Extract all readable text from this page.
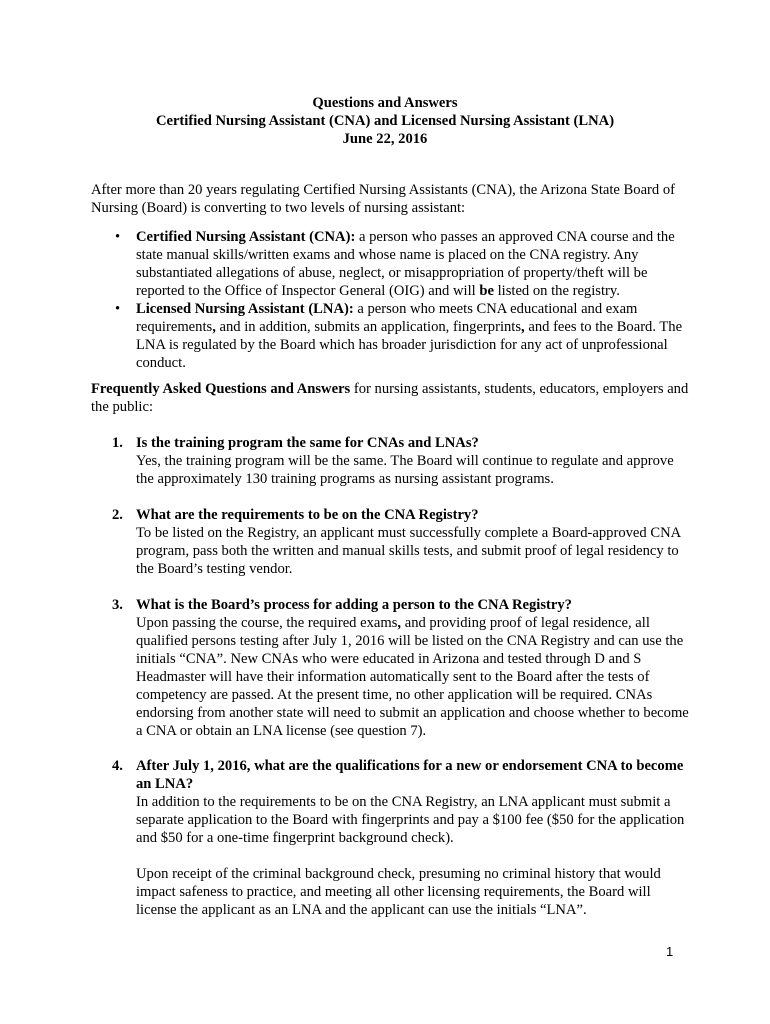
Questions and Answers
Certified Nursing Assistant (CNA) and Licensed Nursing Assistant (LNA)
June 22, 2016
After more than 20 years regulating Certified Nursing Assistants (CNA), the Arizona State Board of Nursing (Board) is converting to two levels of nursing assistant:
• Certified Nursing Assistant (CNA): a person who passes an approved CNA course and the state manual skills/written exams and whose name is placed on the CNA registry. Any substantiated allegations of abuse, neglect, or misappropriation of property/theft will be reported to the Office of Inspector General (OIG) and will be listed on the registry.
• Licensed Nursing Assistant (LNA): a person who meets CNA educational and exam requirements, and in addition, submits an application, fingerprints, and fees to the Board. The LNA is regulated by the Board which has broader jurisdiction for any act of unprofessional conduct.
Frequently Asked Questions and Answers for nursing assistants, students, educators, employers and the public:
1. Is the training program the same for CNAs and LNAs?
Yes, the training program will be the same. The Board will continue to regulate and approve the approximately 130 training programs as nursing assistant programs.
2. What are the requirements to be on the CNA Registry?
To be listed on the Registry, an applicant must successfully complete a Board-approved CNA program, pass both the written and manual skills tests, and submit proof of legal residency to the Board’s testing vendor.
3. What is the Board’s process for adding a person to the CNA Registry?
Upon passing the course, the required exams, and providing proof of legal residence, all qualified persons testing after July 1, 2016 will be listed on the CNA Registry and can use the initials “CNA”. New CNAs who were educated in Arizona and tested through D and S Headmaster will have their information automatically sent to the Board after the tests of competency are passed. At the present time, no other application will be required. CNAs endorsing from another state will need to submit an application and choose whether to become a CNA or obtain an LNA license (see question 7).
4. After July 1, 2016, what are the qualifications for a new or endorsement CNA to become an LNA?
In addition to the requirements to be on the CNA Registry, an LNA applicant must submit a separate application to the Board with fingerprints and pay a $100 fee ($50 for the application and $50 for a one-time fingerprint background check).
Upon receipt of the criminal background check, presuming no criminal history that would impact safeness to practice, and meeting all other licensing requirements, the Board will license the applicant as an LNA and the applicant can use the initials “LNA”.
1
